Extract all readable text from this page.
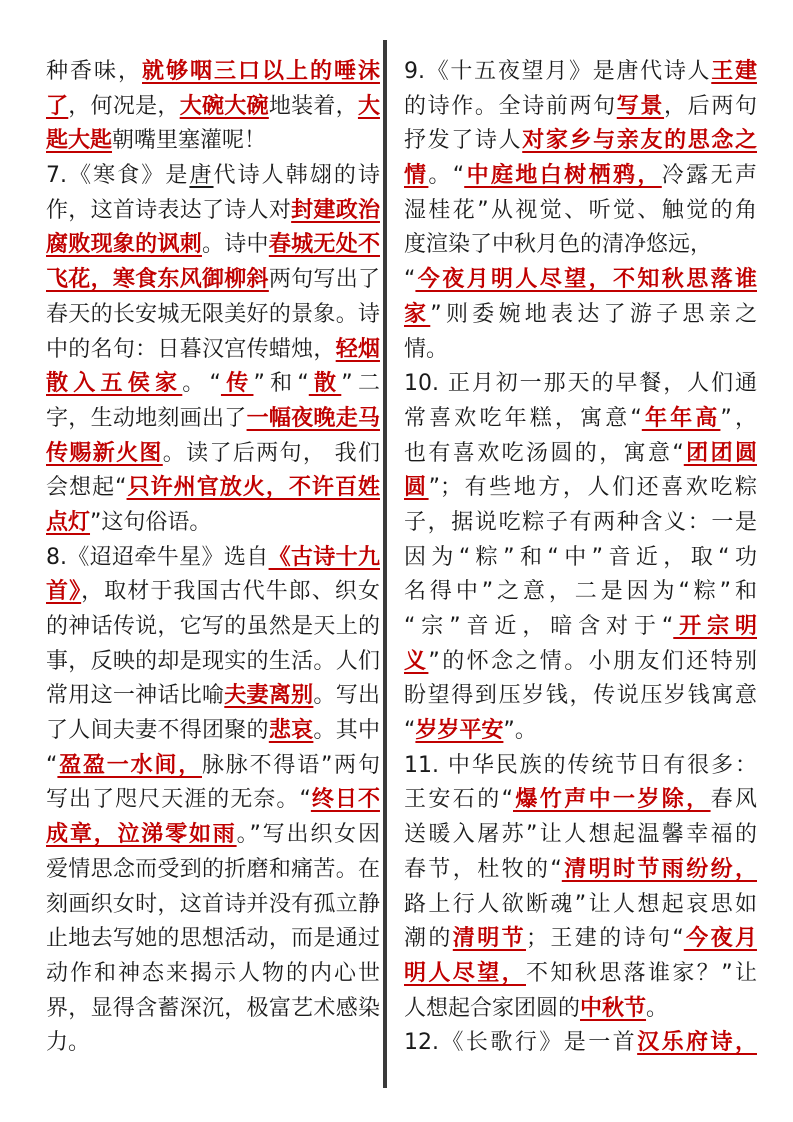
种香味，就够咽三口以上的唾沫
了，何况是，大碗大碗地装着，大
匙大匙朝嘴里塞灌呢！
7.《寒食》是唐代诗人韩翃的诗
作，这首诗表达了诗人对封建政治
腐败现象的讽刺。诗中春城无处不
飞花，寒食东风御柳斜两句写出了
春天的长安城无限美好的景象。诗
中的名句：日暮汉宫传蜡烛，轻烟
散入五侯家。“传”和“散”二
字，生动地刻画出了一幅夜晚走马
传赐新火图。读了后两句， 我们
会想起“只许州官放火，不许百姓
点灯”这句俗语。
8.《迢迢牵牛星》选自《古诗十九
首》，取材于我国古代牛郎、织女
的神话传说，它写的虽然是天上的
事，反映的却是现实的生活。人们
常用这一神话比喻夫妻离别。写出
了人间夫妻不得团聚的悲哀。其中
“盈盈一水间，脉脉不得语”两句
写出了咫尺天涯的无奈。“终日不
成章，泣涕零如雨。”写出织女因
爱情思念而受到的折磨和痛苦。在
刻画织女时，这首诗并没有孤立静
止地去写她的思想活动，而是通过
动作和神态来揭示人物的内心世
界，显得含蓄深沉，极富艺术感染
力。
9.《十五夜望月》是唐代诗人王建
的诗作。全诗前两句写景，后两句
抒发了诗人对家乡与亲友的思念之
情。“中庭地白树栖鸦，冷露无声
湿桂花”从视觉、听觉、触觉的角
度渲染了中秋月色的清净悠远，
“今夜月明人尽望，不知秋思落谁
家”则委婉地表达了游子思亲之
情。
10. 正月初一那天的早餐，人们通
常喜欢吃年糕，寓意“年年高”，
也有喜欢吃汤圆的，寓意“团团圆
圆”；有些地方，人们还喜欢吃粽
子，据说吃粽子有两种含义：一是
因为“粽”和“中”音近，取“功
名得中”之意，二是因为“粽”和
“宗”音近，暗含对于“开宗明
义”的怀念之情。小朋友们还特别
盼望得到压岁钱，传说压岁钱寓意
“岁岁平安”。
11. 中华民族的传统节日有很多：
王安石的“爆竹声中一岁除，春风
送暖入屠苏”让人想起温馨幸福的
春节，杜牧的“清明时节雨纷纷，
路上行人欲断魂”让人想起哀思如
潮的清明节；王建的诗句“今夜月
明人尽望，不知秋思落谁家？”让
人想起合家团圆的中秋节。
12.《长歌行》是一首汉乐府诗，
